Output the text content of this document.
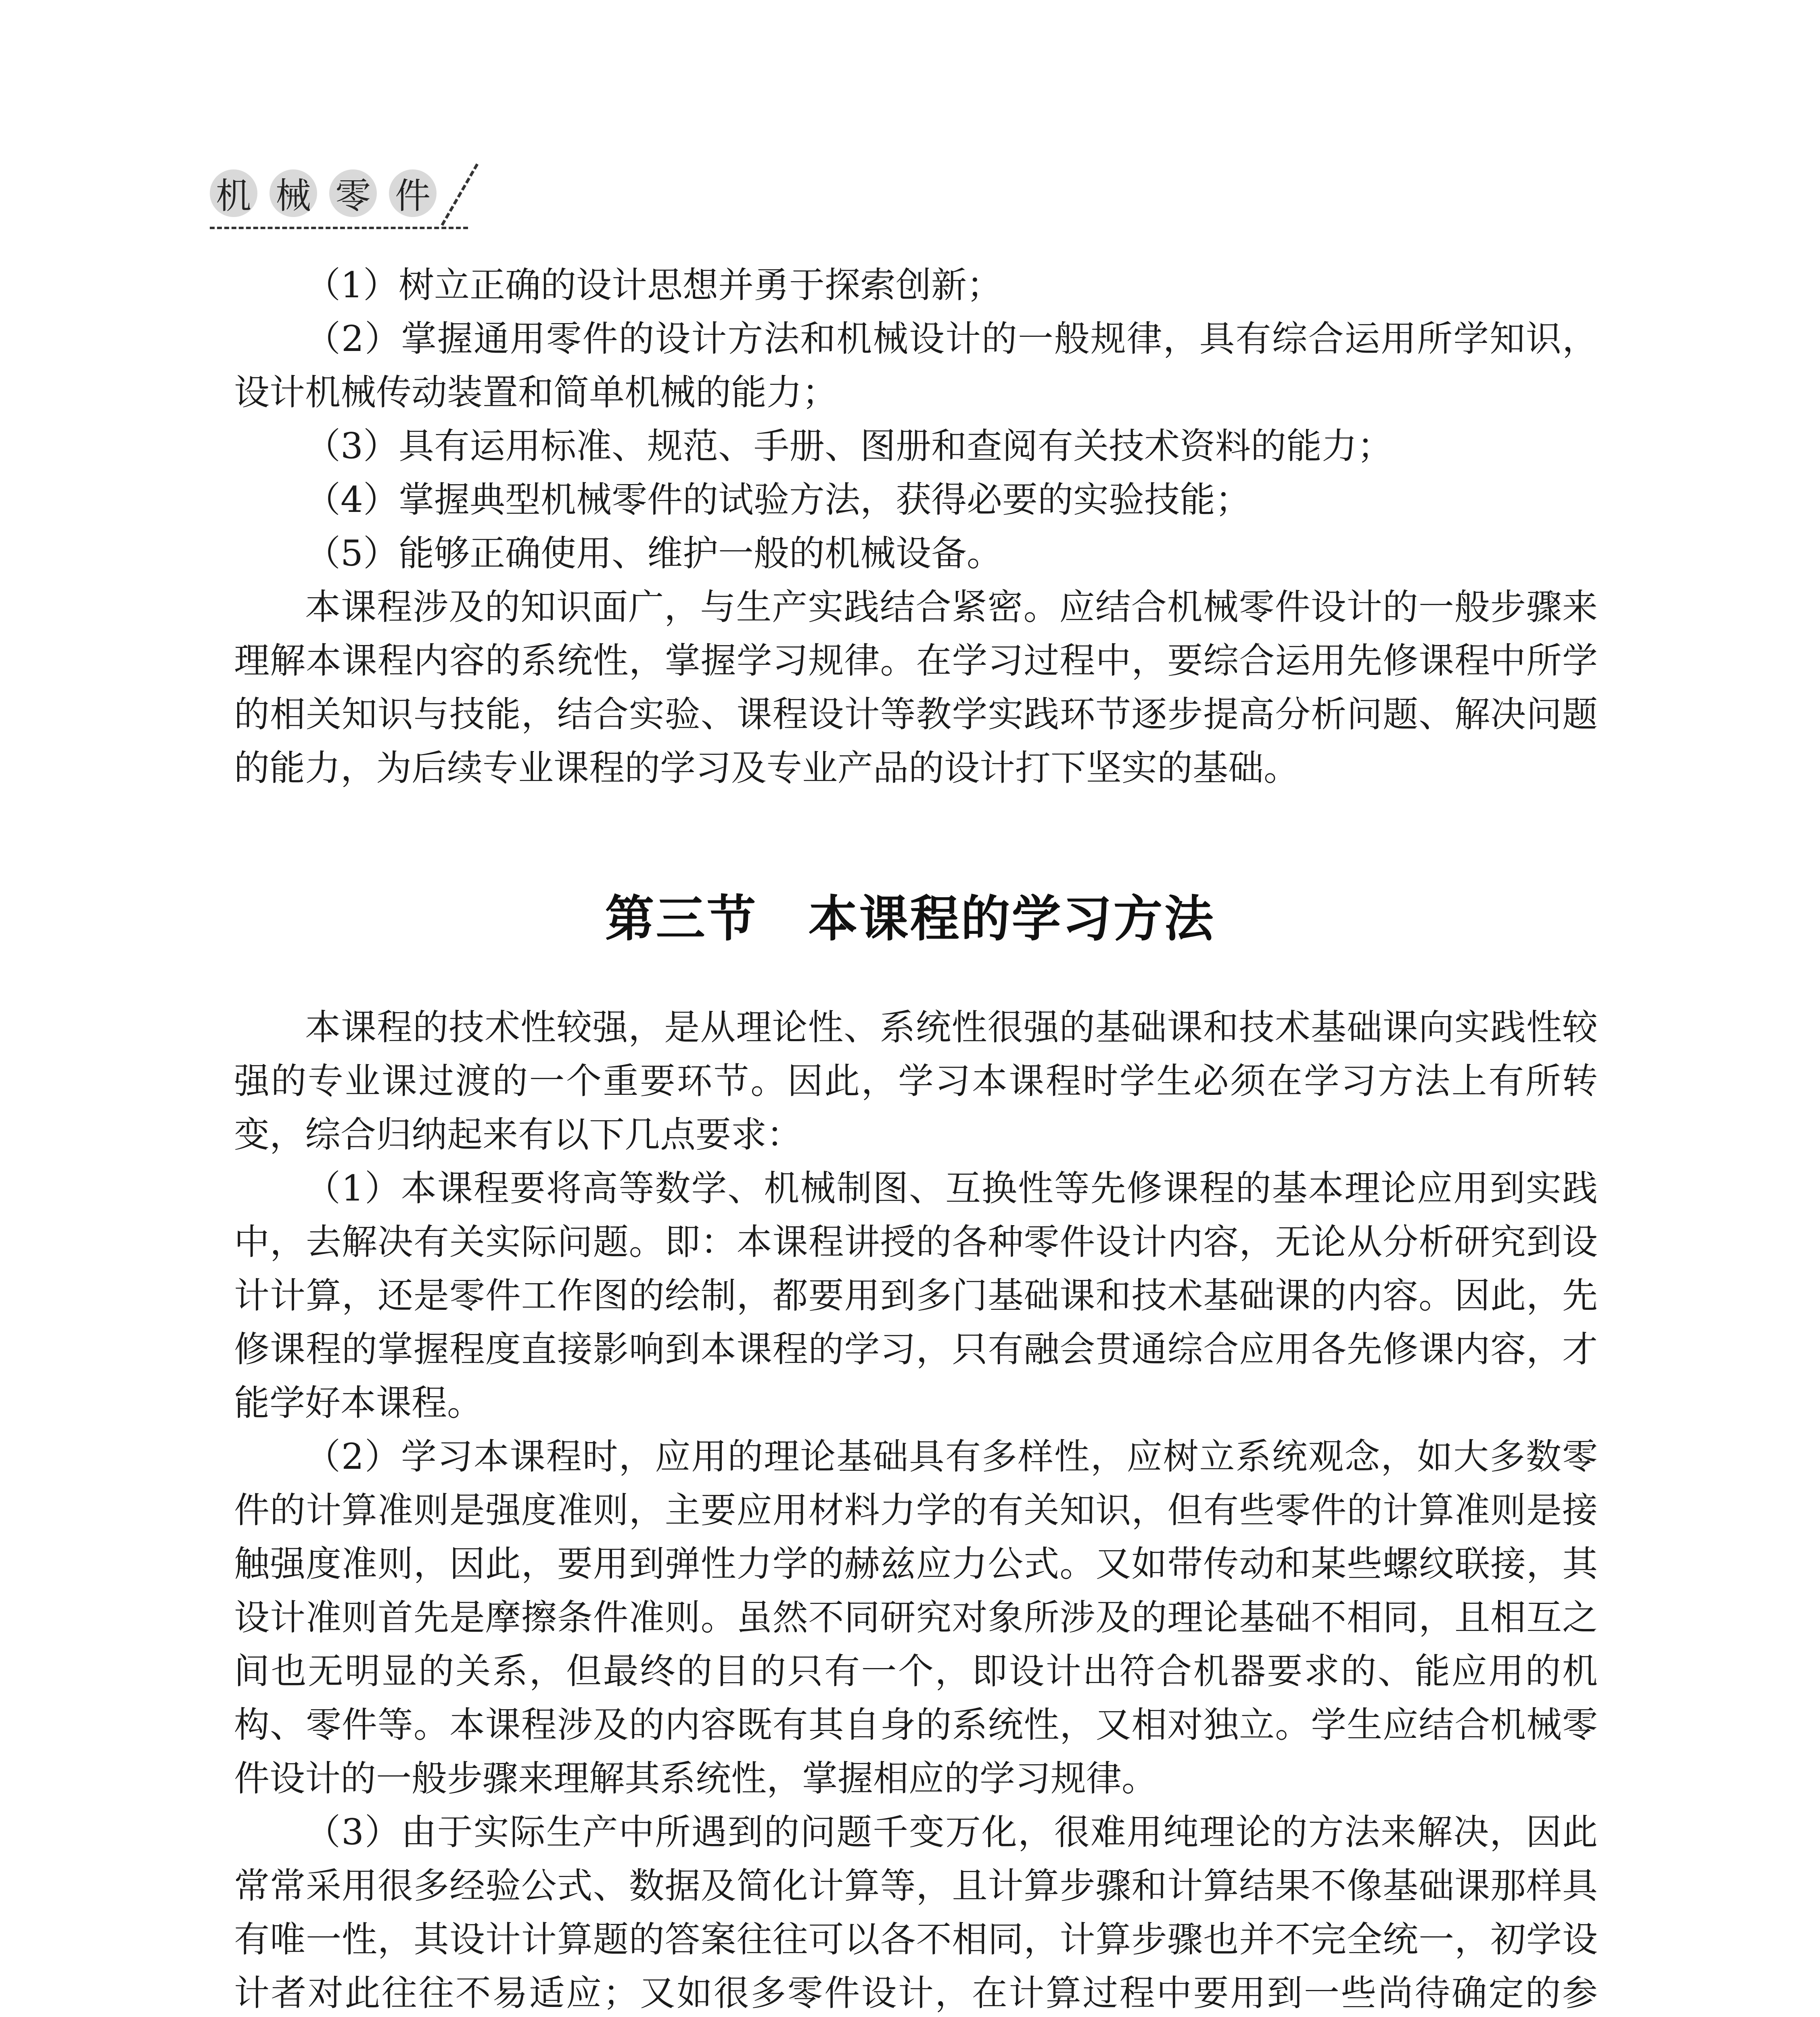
机 械 零 件

（1）树立正确的设计思想并勇于探索创新；

（2）掌握通用零件的设计方法和机械设计的一般规律，具有综合运用所学知识，设计机械传动装置和简单机械的能力；

（3）具有运用标准、规范、手册、图册和查阅有关技术资料的能力；

（4）掌握典型机械零件的试验方法，获得必要的实验技能；

（5）能够正确使用、维护一般的机械设备。

本课程涉及的知识面广，与生产实践结合紧密。应结合机械零件设计的一般步骤来理解本课程内容的系统性，掌握学习规律。在学习过程中，要综合运用先修课程中所学的相关知识与技能，结合实验、课程设计等教学实践环节逐步提高分析问题、解决问题的能力，为后续专业课程的学习及专业产品的设计打下坚实的基础。

第三节　本课程的学习方法

本课程的技术性较强，是从理论性、系统性很强的基础课和技术基础课向实践性较强的专业课过渡的一个重要环节。因此，学习本课程时学生必须在学习方法上有所转变，综合归纳起来有以下几点要求：

（1）本课程要将高等数学、机械制图、互换性等先修课程的基本理论应用到实践中，去解决有关实际问题。即：本课程讲授的各种零件设计内容，无论从分析研究到设计计算，还是零件工作图的绘制，都要用到多门基础课和技术基础课的内容。因此，先修课程的掌握程度直接影响到本课程的学习，只有融会贯通综合应用各先修课内容，才能学好本课程。

（2）学习本课程时，应用的理论基础具有多样性，应树立系统观念，如大多数零件的计算准则是强度准则，主要应用材料力学的有关知识，但有些零件的计算准则是接触强度准则，因此，要用到弹性力学的赫兹应力公式。又如带传动和某些螺纹联接，其设计准则首先是摩擦条件准则。虽然不同研究对象所涉及的理论基础不相同，且相互之间也无明显的关系，但最终的目的只有一个，即设计出符合机器要求的、能应用的机构、零件等。本课程涉及的内容既有其自身的系统性，又相对独立。学生应结合机械零件设计的一般步骤来理解其系统性，掌握相应的学习规律。

（3）由于实际生产中所遇到的问题千变万化，很难用纯理论的方法来解决，因此常常采用很多经验公式、数据及简化计算等，且计算步骤和计算结果不像基础课那样具有唯一性，其设计计算题的答案往往可以各不相同，计算步骤也并不完全统一，初学设计者对此往往不易适应；又如很多零件设计，在计算过程中要用到一些尚待确定的参
